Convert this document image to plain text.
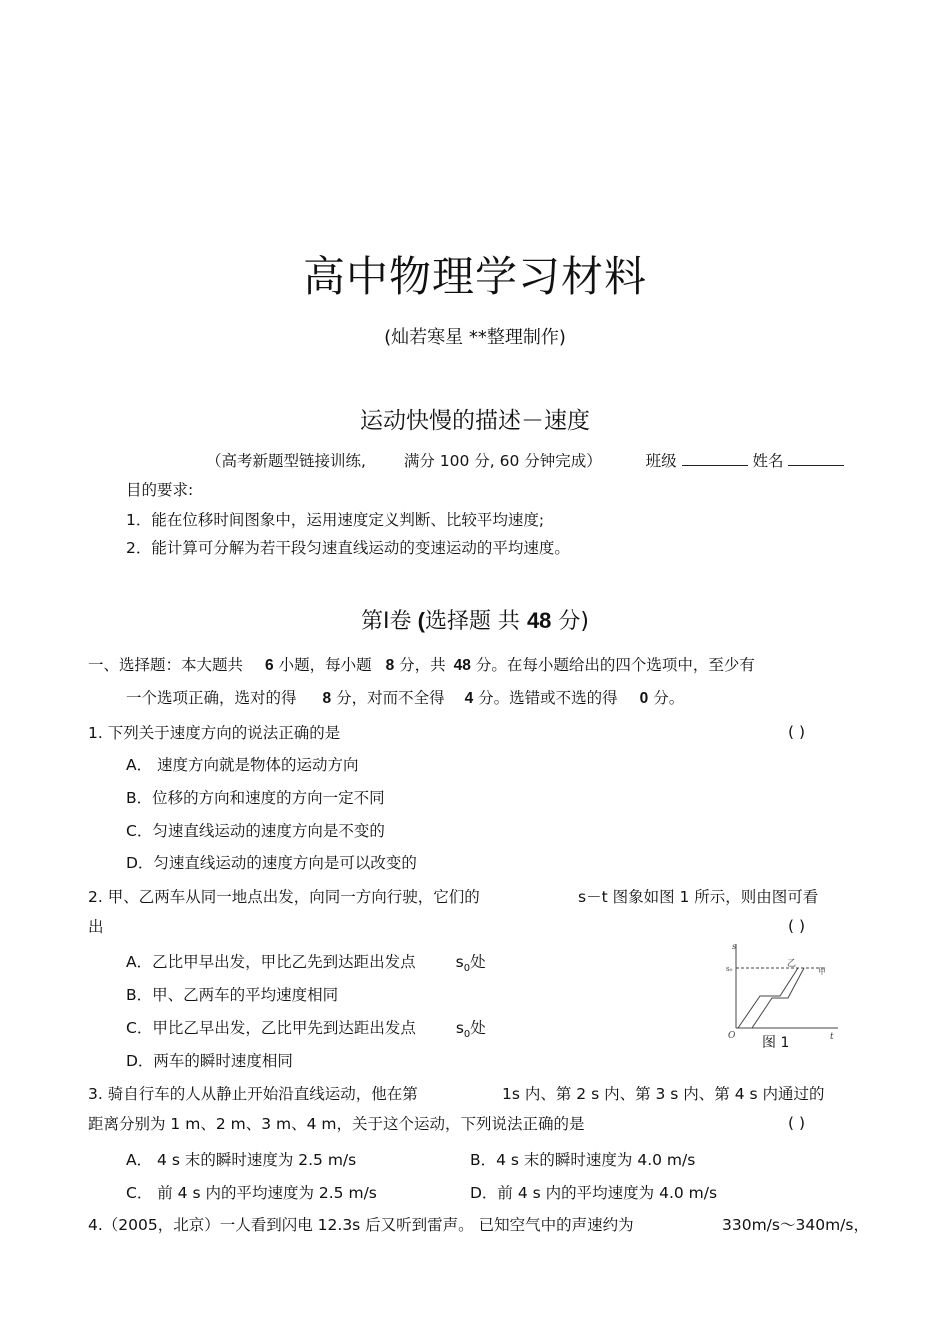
高中物理学习材料
(灿若寒星 **整理制作)
运动快慢的描述－速度
（高考新题型链接训练, 满分 100 分, 60 分钟完成）	班级	姓名
目的要求:
1．能在位移时间图象中，运用速度定义判断、比较平均速度;
2．能计算可分解为若干段匀速直线运动的变速运动的平均速度。
第Ⅰ卷 (选择题 共 48 分)
一、选择题：本大题共 6 小题，每小题 8 分，共 48 分。在每小题给出的四个选项中，至少有
一个选项正确，选对的得 8 分，对而不全得 4 分。选错或不选的得 0 分。
1. 下列关于速度方向的说法正确的是	( )
A． 速度方向就是物体的运动方向
B．位移的方向和速度的方向一定不同
C．匀速直线运动的速度方向是不变的
D．匀速直线运动的速度方向是可以改变的
2. 甲、乙两车从同一地点出发，向同一方向行驶，它们的	s－t 图象如图 1 所示，则由图可看
出	( )
A．乙比甲早出发，甲比乙先到达距出发点	$s_0$处
B．甲、乙两车的平均速度相同
C．甲比乙早出发，乙比甲先到达距出发点	$s_0$处
D．两车的瞬时速度相同
s
s₀	乙
甲
O	t
图 1
3. 骑自行车的人从静止开始沿直线运动，他在第	1s 内、第 2 s 内、第 3 s 内、第 4 s 内通过的
距离分别为 1 m、2 m、3 m、4 m，关于这个运动，下列说法正确的是	( )
A． 4 s 末的瞬时速度为 2.5 m/s	B．4 s 末的瞬时速度为 4.0 m/s
C． 前 4 s 内的平均速度为 2.5 m/s	D．前 4 s 内的平均速度为 4.0 m/s
4.（2005，北京）一人看到闪电 12.3s 后又听到雷声。 已知空气中的声速约为	330m/s～340m/s，
